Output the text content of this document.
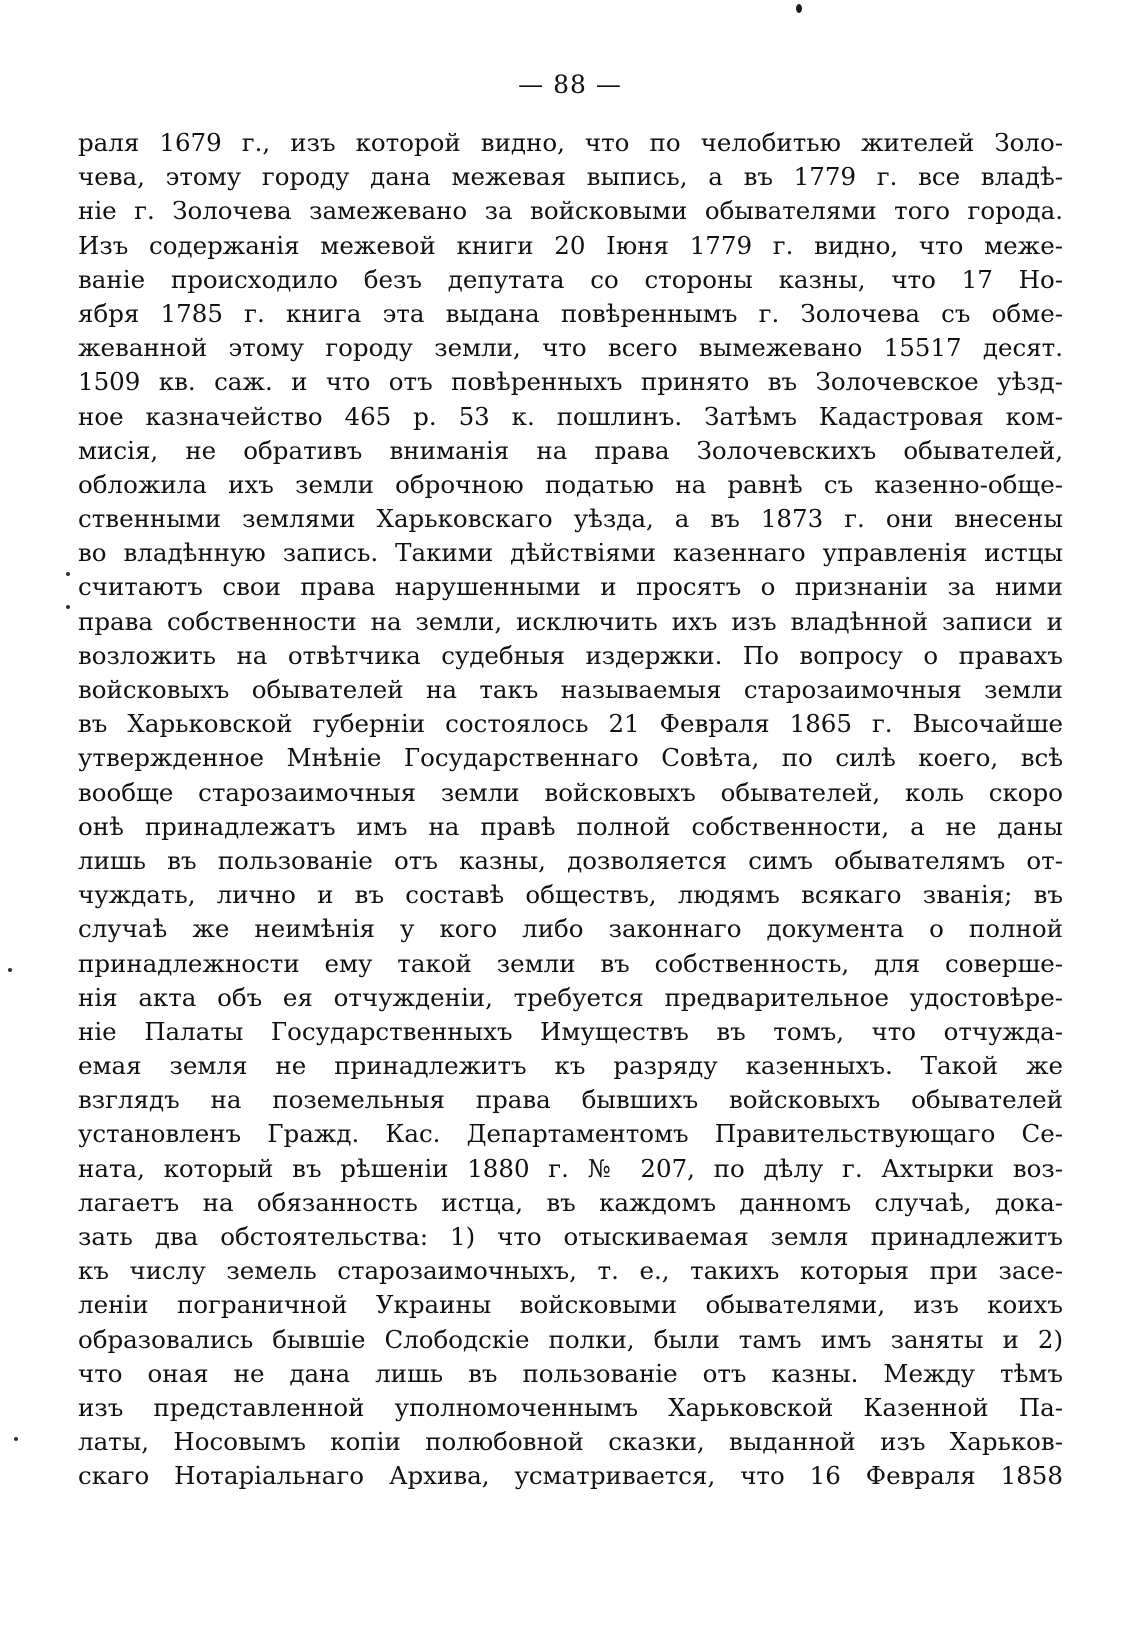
— 88 —
раля 1679 г., изъ которой видно, что по челобитью жителей Золо-
чева, этому городу дана межевая выпись, а въ 1779 г. все владѣ-
нiе г. Золочева замежевано за войсковыми обывателями того города.
Изъ содержанiя межевой книги 20 Iюня 1779 г. видно, что меже-
ванiе происходило безъ депутата со стороны казны, что 17 Но-
ября 1785 г. книга эта выдана повѣреннымъ г. Золочева съ обме-
жеванной этому городу земли, что всего вымежевано 15517 десят.
1509 кв. саж. и что отъ повѣренныхъ принято въ Золочевское уѣзд-
ное казначейство 465 р. 53 к. пошлинъ. Затѣмъ Кадастровая ком-
мисiя, не обративъ вниманiя на права Золочевскихъ обывателей,
обложила ихъ земли оброчною податью на равнѣ съ казенно-общe-
ственными землями Харьковскаго уѣзда, а въ 1873 г. они внесены
во владѣнную запись. Такими дѣйствiями казеннаго управленiя истцы
считаютъ свои права нарушенными и просятъ о признанiи за ними
права собственности на земли, исключить ихъ изъ владѣнной записи и
возложить на отвѣтчика судебныя издержки. По вопросу о правахъ
войсковыхъ обывателей на такъ называемыя старозаимочныя земли
въ Харьковской губернiи состоялось 21 Февраля 1865 г. Высочайше
утвержденное Мнѣнiе Государственнаго Совѣта, по силѣ коего, всѣ
вообще старозаимочныя земли войсковыхъ обывателей, коль скоро
онѣ принадлежатъ имъ на правѣ полной собственности, а не даны
лишь въ пользованiе отъ казны, дозволяется симъ обывателямъ от-
чуждать, лично и въ составѣ обществъ, людямъ всякаго званiя; въ
случаѣ же неимѣнiя у кого либо законнаго документа о полной
принадлежности ему такой земли въ собственность, для соверше-
нiя акта объ ея отчужденiи, требуется предварительное удостовѣре-
нiе Палаты Государственныхъ Имуществъ въ томъ, что отчуждa-
емая земля не принадлежитъ къ разряду казенныхъ. Такой же
взглядъ на поземельныя права бывшихъ войсковыхъ обывателей
установленъ Гражд. Кас. Департаментомъ Правительствующаго Се-
ната, который въ рѣшенiи 1880 г. № 207, по дѣлу г. Ахтырки воз-
лагаетъ на обязанность истца, въ каждомъ данномъ случаѣ, дока-
зать два обстоятельства: 1) что отыскиваемая земля принадлежитъ
къ числу земель старозаимочныхъ, т. е., такихъ которыя при засе-
ленiи пограничной Украины войсковыми обывателями, изъ коихъ
образовались бывшiе Слободскiе полки, были тамъ имъ заняты и 2)
что оная не дана лишь въ пользованiе отъ казны. Между тѣмъ
изъ представленной уполномоченнымъ Харьковской Казенной Па-
латы, Носовымъ копiи полюбовной сказки, выданной изъ Харьков-
скаго Нотарiальнаго Архива, усматривается, что 16 Февраля 1858
